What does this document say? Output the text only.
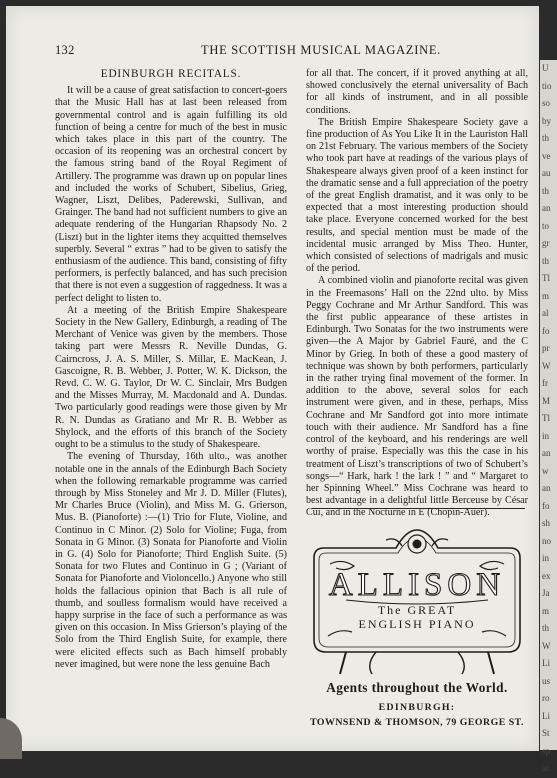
U
tio
so
by
th
ve
au
th
an
to
gr
th
Tl
m
al
fo
pr
W
fr
M
Tl
in
an
w
an
fo
sh
no
in
ex
Ja
m
th
W
Li
us
ro
Li
St
sp
ar
132	THE SCOTTISH MUSICAL MAGAZINE.
EDINBURGH RECITALS.

It will be a cause of great satisfaction to concert-goers that the Music Hall has at last been released from governmental control and is again fulfilling its old function of being a centre for much of the best in music which takes place in this part of the country. The occasion of its reopening was an orchestral concert by the famous string band of the Royal Regiment of Artillery. The programme was drawn up on popular lines and included the works of Schubert, Sibelius, Grieg, Wagner, Liszt, Delibes, Paderewski, Sullivan, and Grainger. The band had not sufficient numbers to give an adequate rendering of the Hungarian Rhapsody No. 2 (Liszt) but in the lighter items they acquitted themselves superbly. Several “ extras ” had to be given to satisfy the enthusiasm of the audience. This band, consisting of fifty performers, is perfectly balanced, and has such precision that there is not even a suggestion of raggedness. It was a perfect delight to listen to.

At a meeting of the British Empire Shakespeare Society in the New Gallery, Edinburgh, a reading of The Merchant of Venice was given by the members. Those taking part were Messrs R. Neville Dundas, G. Cairncross, J. A. S. Miller, S. Millar, E. MacKean, J. Gascoigne, R. B. Webber, J. Potter, W. K. Dickson, the Revd. C. W. G. Taylor, Dr W. C. Sinclair, Mrs Budgen and the Misses Murray, M. Macdonald and A. Dundas. Two particularly good readings were those given by Mr R. N. Dundas as Gratiano and Mr R. B. Webber as Shylock, and the efforts of this branch of the Society ought to be a stimulus to the study of Shakespeare.

The evening of Thursday, 16th ulto., was another notable one in the annals of the Edinburgh Bach Society when the following remarkable programme was carried through by Miss Stoneley and Mr J. D. Miller (Flutes), Mr Charles Bruce (Violin), and Miss M. G. Grierson, Mus. B. (Pianoforte) :—(1) Trio for Flute, Violine, and Continuo in C Minor. (2) Solo for Violine; Fuga, from Sonata in G Minor. (3) Sonata for Pianoforte and Violin in G. (4) Solo for Pianoforte; Third English Suite. (5) Sonata for two Flutes and Continuo in G ; (Variant of Sonata for Pianoforte and Violoncello.) Anyone who still holds the fallacious opinion that Bach is all rule of thumb, and soulless formalism would have received a happy surprise in the face of such a performance as was given on this occasion. In Miss Grierson’s playing of the Solo from the Third English Suite, for example, there were elicited effects such as Bach himself probably never imagined, but were none the less genuine Bach

for all that. The concert, if it proved anything at all, showed conclusively the eternal universality of Bach for all kinds of instrument, and in all possible conditions.

The British Empire Shakespeare Society gave a fine production of As You Like It in the Lauriston Hall on 21st February. The various members of the Society who took part have at readings of the various plays of Shakespeare always given proof of a keen instinct for the dramatic sense and a full appreciation of the poetry of the great English dramatist, and it was only to be expected that a most interesting production should take place. Everyone concerned worked for the best results, and special mention must be made of the incidental music arranged by Miss Theo. Hunter, which consisted of selections of madrigals and music of the period.

A combined violin and pianoforte recital was given in the Freemasons’ Hall on the 22nd ulto. by Miss Peggy Cochrane and Mr Arthur Sandford. This was the first public appearance of these artistes in Edinburgh. Two Sonatas for the two instruments were given—the A Major by Gabriel Fauré, and the C Minor by Grieg. In both of these a good mastery of technique was shown by both performers, particularly in the rather trying final movement of the former. In addition to the above, several solos for each instrument were given, and in these, perhaps, Miss Cochrane and Mr Sandford got into more intimate touch with their audience. Mr Sandford has a fine control of the keyboard, and his renderings are well worthy of praise. Especially was this the case in his treatment of Liszt’s transcriptions of two of Schubert’s songs—“ Hark, hark ! the lark ! ” and “ Margaret to her Spinning Wheel.” Miss Cochrane was heard to best advantage in a delightful little Berceuse by César Cui, and in the Nocturne in E (Chopin-Auer).

ALLISON
The GREAT
ENGLISH PIANO
Agents throughout the World.
EDINBURGH:
TOWNSEND & THOMSON, 79 GEORGE ST.
